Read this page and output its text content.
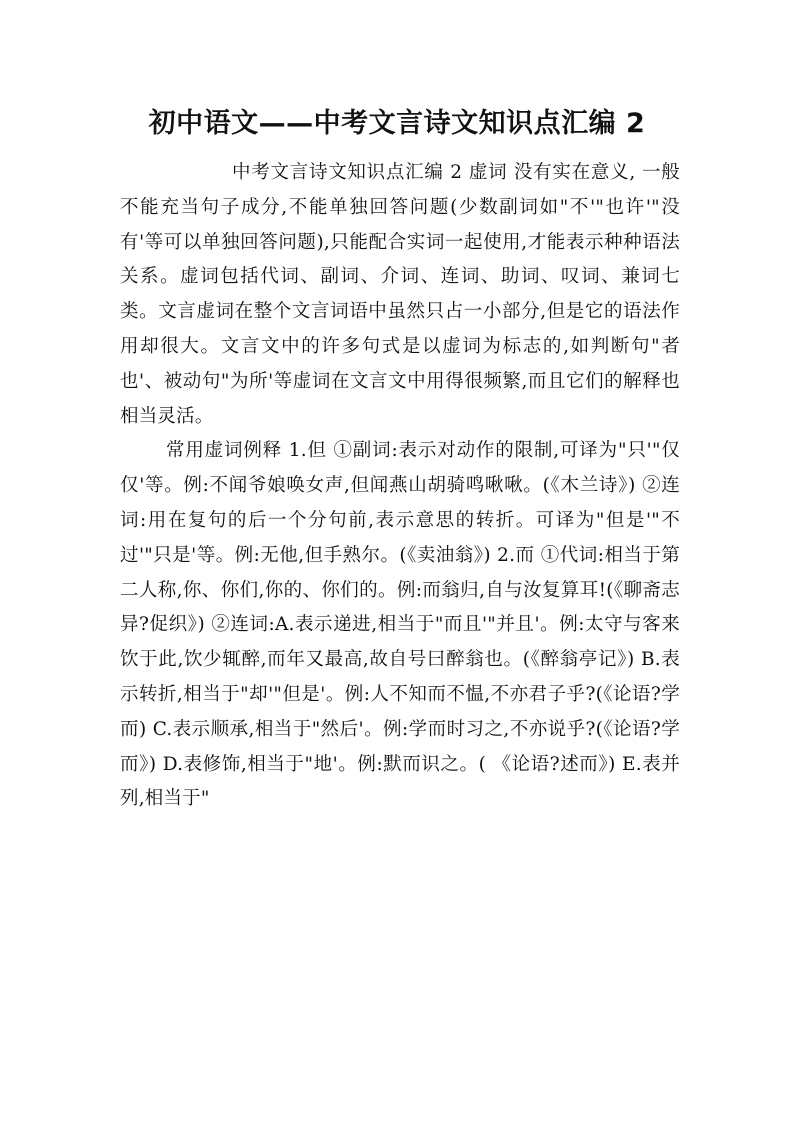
初中语文——中考文言诗文知识点汇编 2

中考文言诗文知识点汇编 2 虚词 没有实在意义, 一般不能充当句子成分,不能单独回答问题(少数副词如"不'"也许'"没有'等可以单独回答问题),只能配合实词一起使用,才能表示种种语法关系。虚词包括代词、副词、介词、连词、助词、叹词、兼词七类。文言虚词在整个文言词语中虽然只占一小部分,但是它的语法作用却很大。文言文中的许多句式是以虚词为标志的,如判断句"者也'、被动句"为所'等虚词在文言文中用得很频繁,而且它们的解释也相当灵活。

常用虚词例释 1.但 ①副词:表示对动作的限制,可译为"只'"仅仅'等。例:不闻爷娘唤女声,但闻燕山胡骑鸣啾啾。(《木兰诗》) ②连词:用在复句的后一个分句前,表示意思的转折。可译为"但是'"不过'"只是'等。例:无他,但手熟尔。(《卖油翁》) 2.而 ①代词:相当于第二人称,你、你们,你的、你们的。例:而翁归,自与汝复算耳!(《聊斋志异?促织》) ②连词:A.表示递进,相当于"而且'"并且'。例:太守与客来饮于此,饮少辄醉,而年又最高,故自号曰醉翁也。(《醉翁亭记》) B.表示转折,相当于"却'"但是'。例:人不知而不愠,不亦君子乎?(《论语?学而) C.表示顺承,相当于"然后'。例:学而时习之,不亦说乎?(《论语?学而》) D.表修饰,相当于"地'。例:默而识之。( 《论语?述而》) E.表并列,相当于"
